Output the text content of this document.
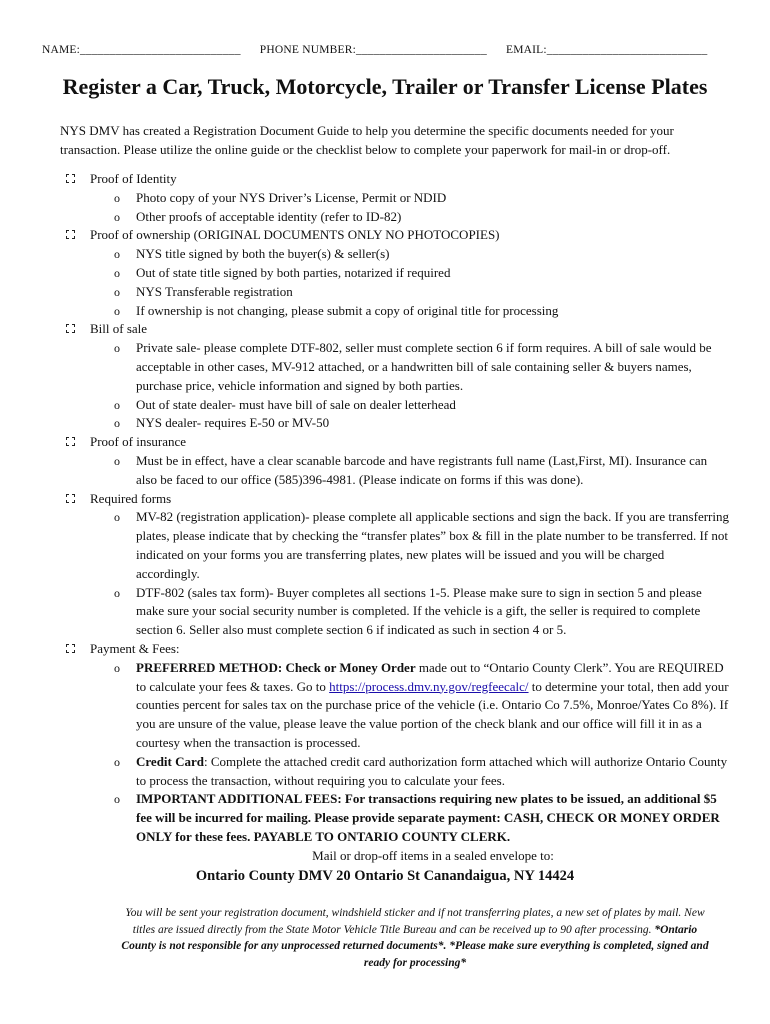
NAME:___________________________ PHONE NUMBER:______________________ EMAIL:___________________________
Register a Car, Truck, Motorcycle, Trailer or Transfer License Plates
NYS DMV has created a Registration Document Guide to help you determine the specific documents needed for your transaction. Please utilize the online guide or the checklist below to complete your paperwork for mail-in or drop-off.
Proof of Identity
o Photo copy of your NYS Driver’s License, Permit or NDID
o Other proofs of acceptable identity (refer to ID-82)
Proof of ownership (ORIGINAL DOCUMENTS ONLY NO PHOTOCOPIES)
o NYS title signed by both the buyer(s) & seller(s)
o Out of state title signed by both parties, notarized if required
o NYS Transferable registration
o If ownership is not changing, please submit a copy of original title for processing
Bill of sale
o Private sale- please complete DTF-802, seller must complete section 6 if form requires. A bill of sale would be acceptable in other cases, MV-912 attached, or a handwritten bill of sale containing seller & buyers names, purchase price, vehicle information and signed by both parties.
o Out of state dealer- must have bill of sale on dealer letterhead
o NYS dealer- requires E-50 or MV-50
Proof of insurance
o Must be in effect, have a clear scanable barcode and have registrants full name (Last,First, MI). Insurance can also be faced to our office (585)396-4981. (Please indicate on forms if this was done).
Required forms
o MV-82 (registration application)- please complete all applicable sections and sign the back. If you are transferring plates, please indicate that by checking the “transfer plates” box & fill in the plate number to be transferred. If not indicated on your forms you are transferring plates, new plates will be issued and you will be charged accordingly.
o DTF-802 (sales tax form)- Buyer completes all sections 1-5. Please make sure to sign in section 5 and please make sure your social security number is completed. If the vehicle is a gift, the seller is required to complete section 6. Seller also must complete section 6 if indicated as such in section 4 or 5.
Payment & Fees:
o PREFERRED METHOD: Check or Money Order made out to “Ontario County Clerk”. You are REQUIRED to calculate your fees & taxes. Go to https://process.dmv.ny.gov/regfeecalc/ to determine your total, then add your counties percent for sales tax on the purchase price of the vehicle (i.e. Ontario Co 7.5%, Monroe/Yates Co 8%). If you are unsure of the value, please leave the value portion of the check blank and our office will fill it in as a courtesy when the transaction is processed.
o Credit Card: Complete the attached credit card authorization form attached which will authorize Ontario County to process the transaction, without requiring you to calculate your fees.
o IMPORTANT ADDITIONAL FEES: For transactions requiring new plates to be issued, an additional $5 fee will be incurred for mailing. Please provide separate payment: CASH, CHECK OR MONEY ORDER ONLY for these fees. PAYABLE TO ONTARIO COUNTY CLERK.
Mail or drop-off items in a sealed envelope to:
Ontario County DMV 20 Ontario St Canandaigua, NY 14424
You will be sent your registration document, windshield sticker and if not transferring plates, a new set of plates by mail. New titles are issued directly from the State Motor Vehicle Title Bureau and can be received up to 90 after processing. *Ontario County is not responsible for any unprocessed returned documents*. *Please make sure everything is completed, signed and ready for processing*
